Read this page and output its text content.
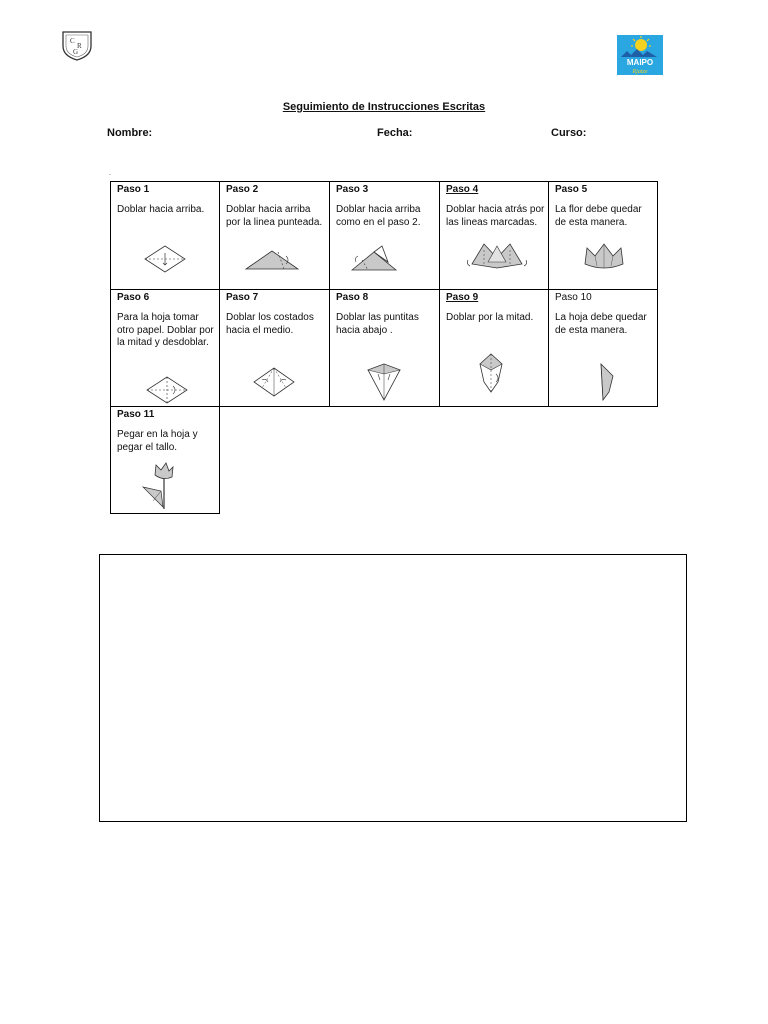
C
R
G
MAIPO
Rjatze
Seguimiento de Instrucciones Escritas
Nombre:	Fecha:	Curso:
.
Paso 1
Doblar hacia arriba.
Paso 2
Doblar hacia arriba por la linea punteada.
Paso 3
Doblar hacia arriba como en el paso 2.
Paso 4
Doblar hacia atrás por las lineas marcadas.
Paso 5
La flor debe quedar de esta manera.
Paso 6
Para la hoja tomar otro papel. Doblar por la mitad y desdoblar.
Paso 7
Doblar los costados hacia el medio.
Paso 8
Doblar las puntitas hacia abajo .
Paso 9
Doblar por la mitad.
Paso 10
La hoja debe quedar de esta manera.
Paso 11
Pegar en la hoja y pegar el tallo.
